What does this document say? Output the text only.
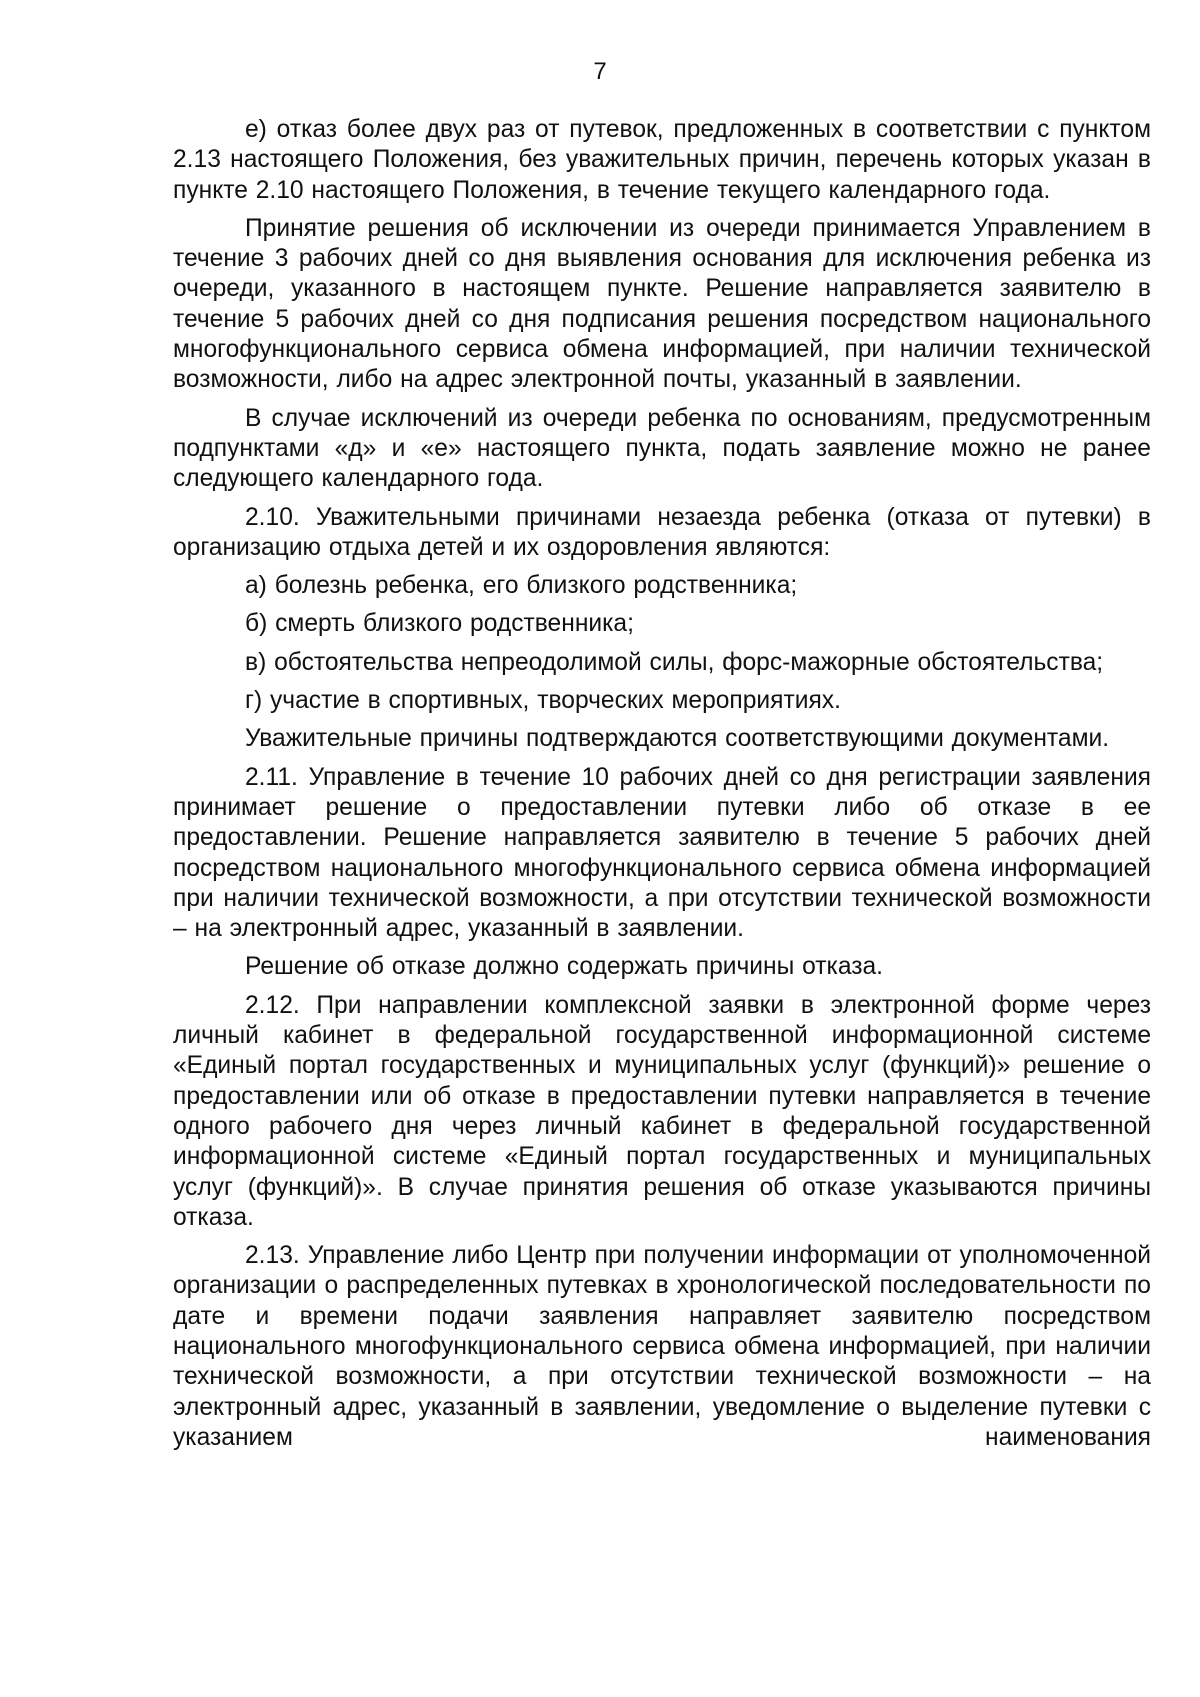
7

е) отказ более двух раз от путевок, предложенных в соответствии с пунктом 2.13 настоящего Положения, без уважительных причин, перечень которых указан в пункте 2.10 настоящего Положения, в течение текущего календарного года.

Принятие решения об исключении из очереди принимается Управлением в течение 3 рабочих дней со дня выявления основания для исключения ребенка из очереди, указанного в настоящем пункте. Решение направляется заявителю в течение 5 рабочих дней со дня подписания решения посредством национального многофункционального сервиса обмена информацией, при наличии технической возможности, либо на адрес электронной почты, указанный в заявлении.

В случае исключений из очереди ребенка по основаниям, предусмотренным подпунктами «д» и «е» настоящего пункта, подать заявление можно не ранее следующего календарного года.

2.10. Уважительными причинами незаезда ребенка (отказа от путевки) в организацию отдыха детей и их оздоровления являются:

а) болезнь ребенка, его близкого родственника;

б) смерть близкого родственника;

в) обстоятельства непреодолимой силы, форс-мажорные обстоятельства;

г) участие в спортивных, творческих мероприятиях.

Уважительные причины подтверждаются соответствующими документами.

2.11. Управление в течение 10 рабочих дней со дня регистрации заявления принимает решение о предоставлении путевки либо об отказе в ее предоставлении. Решение направляется заявителю в течение 5 рабочих дней посредством национального многофункционального сервиса обмена информацией при наличии технической возможности, а при отсутствии технической возможности – на электронный адрес, указанный в заявлении.

Решение об отказе должно содержать причины отказа.

2.12. При направлении комплексной заявки в электронной форме через личный кабинет в федеральной государственной информационной системе «Единый портал государственных и муниципальных услуг (функций)» решение о предоставлении или об отказе в предоставлении путевки направляется в течение одного рабочего дня через личный кабинет в федеральной государственной информационной системе «Единый портал государственных и муниципальных услуг (функций)». В случае принятия решения об отказе указываются причины отказа.

2.13. Управление либо Центр при получении информации от уполномоченной организации о распределенных путевках в хронологической последовательности по дате и времени подачи заявления направляет заявителю посредством национального многофункционального сервиса обмена информацией, при наличии технической возможности, а при отсутствии технической возможности – на электронный адрес, указанный в заявлении, уведомление о выделение путевки с указанием наименования
